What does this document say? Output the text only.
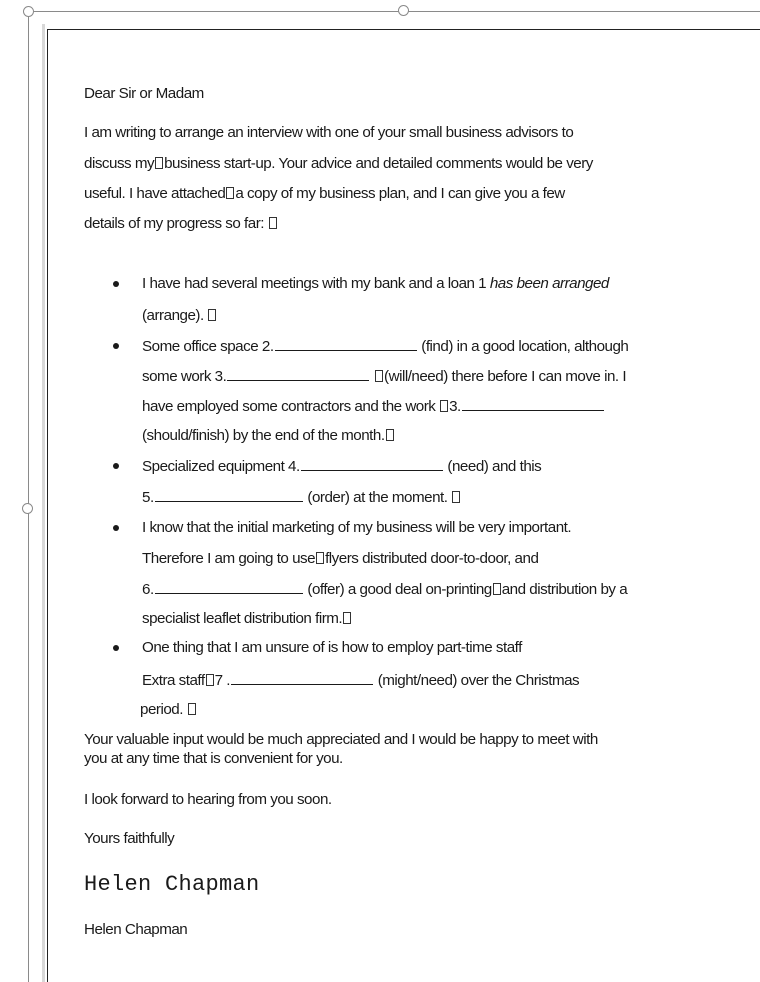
Dear Sir or Madam
I am writing to arrange an interview with one of your small business advisors to
discuss my business start-up. Your advice and detailed comments would be very
useful. I have attached a copy of my business plan, and I can give you a few
details of my progress so far:
I have had several meetings with my bank and a loan 1 has been arranged
(arrange).
Some office space 2.	(find) in a good location, although
some work 3.	(will/need) there before I can move in. I
have employed some contractors and the work 3.
(should/finish) by the end of the month.
Specialized equipment 4.	(need) and this
5.	(order) at the moment.
I know that the initial marketing of my business will be very important.
Therefore I am going to use flyers distributed door-to-door, and
6.	(offer) a good deal on-printing and distribution by a
specialist leaflet distribution firm.
One thing that I am unsure of is how to employ part-time staff
Extra staff 7 .	(might/need) over the Christmas
period.
Your valuable input would be much appreciated and I would be happy to meet with
you at any time that is convenient for you.
I look forward to hearing from you soon.
Yours faithfully
Helen Chapman
Helen Chapman
